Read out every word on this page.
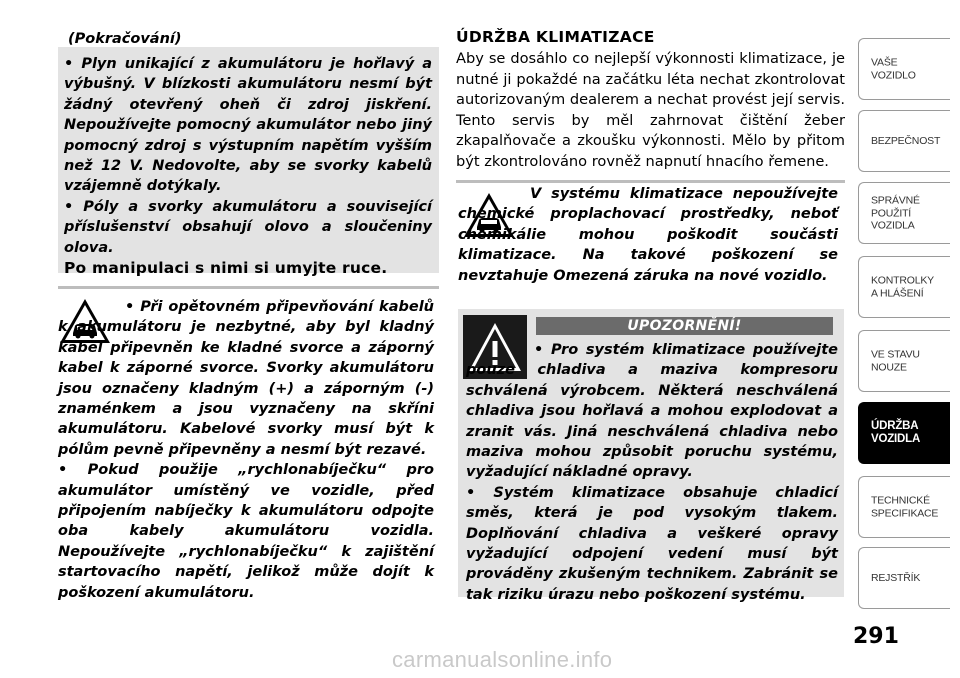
(Pokračování)

• Plyn unikající z akumulátoru je hořlavý a výbušný. V blízkosti akumulátoru nesmí být žádný otevřený oheň či zdroj jiskření. Nepoužívejte pomocný akumulátor nebo jiný pomocný zdroj s výstupním napětím vyšším než 12 V. Nedovolte, aby se svorky kabelů vzájemně dotýkaly.

• Póly a svorky akumulátoru a související příslušenství obsahují olovo a sloučeniny olova.

Po manipulaci s nimi si umyjte ruce.

• Při opětovném připevňování kabelů k akumulátoru je nezbytné, aby byl kladný kabel připevněn ke kladné svorce a záporný kabel k záporné svorce. Svorky akumulátoru jsou označeny kladným (+) a záporným (-) znaménkem a jsou vyznačeny na skříni akumulátoru. Kabelové svorky musí být k pólům pevně připevněny a nesmí být rezavé.

• Pokud použije „rychlonabíječku“ pro akumulátor umístěný ve vozidle, před připojením nabíječky k akumulátoru odpojte oba kabely akumulátoru vozidla. Nepoužívejte „rychlonabíječku“ k zajištění startovacího napětí, jelikož může dojít k poškození akumulátoru.

ÚDRŽBA KLIMATIZACE
Aby se dosáhlo co nejlepší výkonnosti klimatizace, je nutné ji pokaždé na začátku léta nechat zkontrolovat autorizovaným dealerem a nechat provést její servis. Tento servis by měl zahrnovat čištění žeber zkapalňovače a zkoušku výkonnosti. Mělo by přitom být zkontrolováno rovněž napnutí hnacího řemene.

V systému klimatizace nepoužívejte chemické proplachovací prostředky, neboť chemikálie mohou poškodit součásti klimatizace. Na takové poškození se nevztahuje Omezená záruka na nové vozidlo.

UPOZORNĚNÍ!

• Pro systém klimatizace používejte pouze chladiva a maziva kompresoru schválená výrobcem. Některá neschválená chladiva jsou hořlavá a mohou explodovat a zranit vás. Jiná neschválená chladiva nebo maziva mohou způsobit poruchu systému, vyžadující nákladné opravy.

• Systém klimatizace obsahuje chladicí směs, která je pod vysokým tlakem. Doplňování chladiva a veškeré opravy vyžadující odpojení vedení musí být prováděny zkušeným technikem. Zabránit se tak riziku úrazu nebo poškození systému.

VAŠE
VOZIDLO
BEZPEČNOST
SPRÁVNÉ
POUŽITÍ
VOZIDLA
KONTROLKY
A HLÁŠENÍ
VE STAVU
NOUZE
ÚDRŽBA
VOZIDLA
TECHNICKÉ
SPECIFIKACE
REJSTŘÍK
291
carmanualsonline.info
